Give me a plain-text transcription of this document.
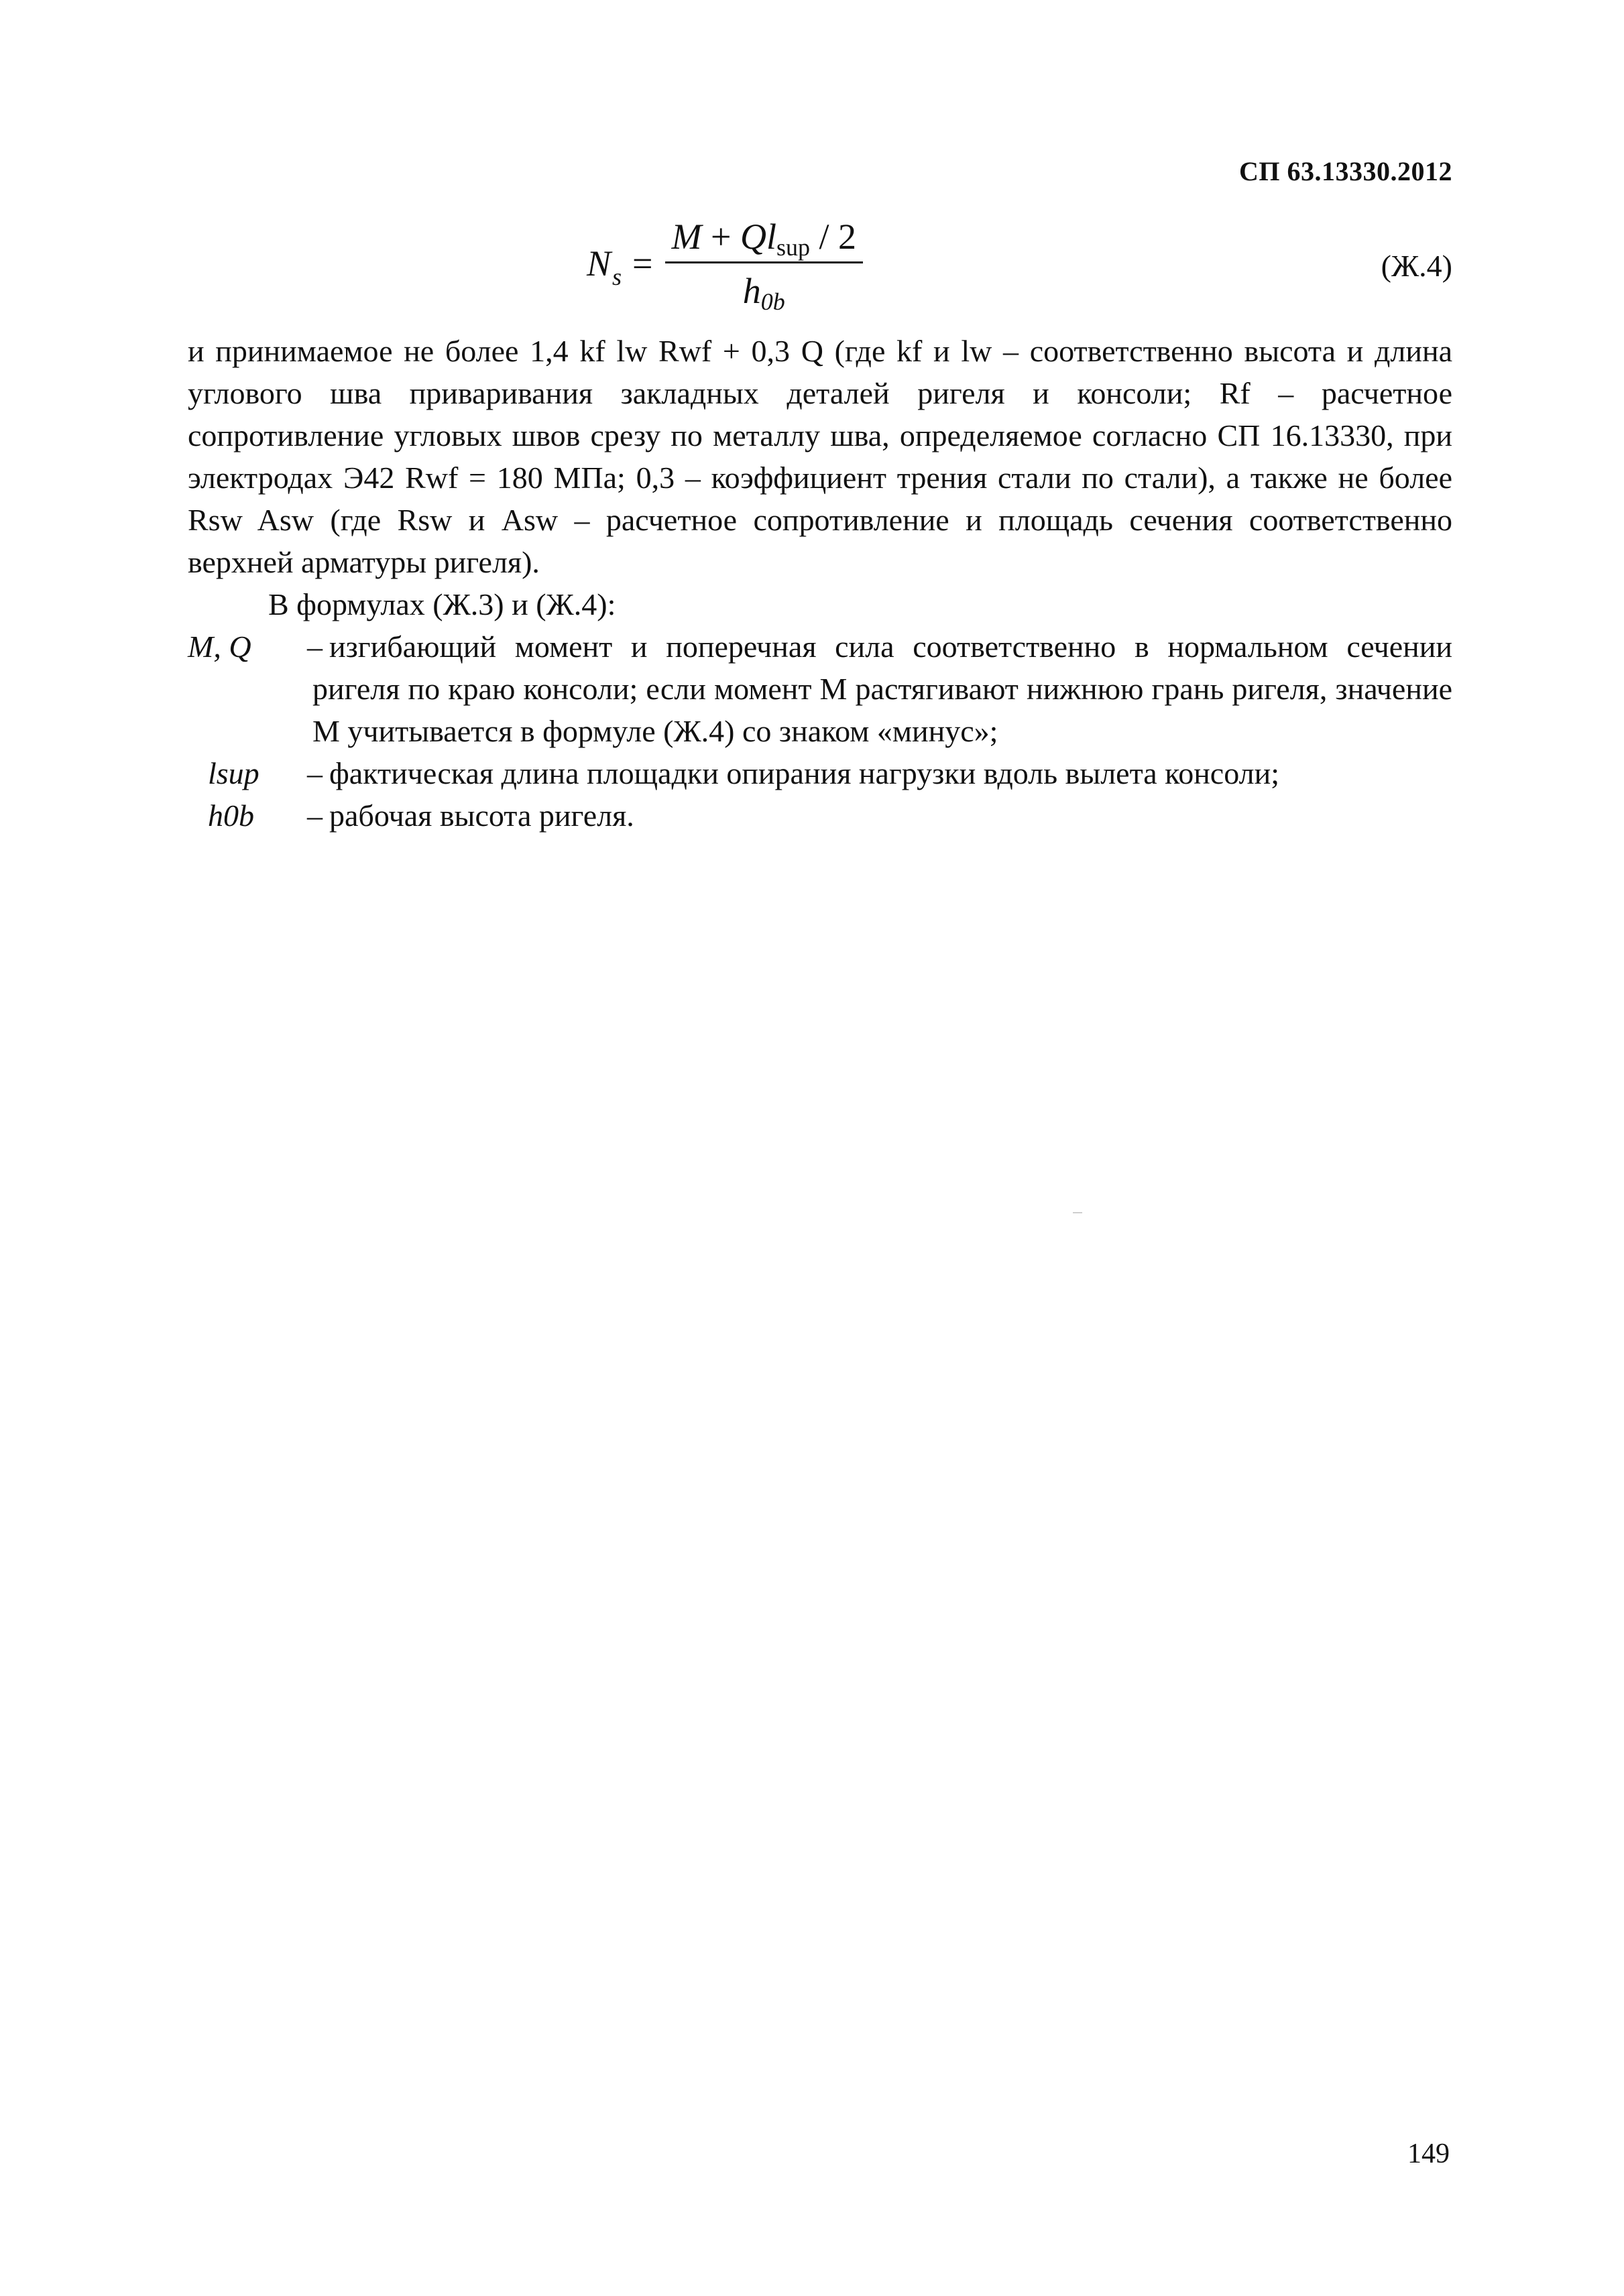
СП 63.13330.2012
$N_s = \frac{\text{M + Qlsup / 2}}{h0b}$	(Ж.4)

и принимаемое не более 1,4 kf lw Rwf + 0,3 Q (где kf и lw – соответственно высота и длина углового шва приваривания закладных деталей ригеля и консоли; Rf – расчетное сопротивление угловых швов срезу по металлу шва, определяемое согласно СП 16.13330, при электродах Э42 Rwf = 180 МПа; 0,3 – коэффициент трения стали по стали), а также не более Rsw Asw (где Rsw и Asw – расчетное сопротивление и площадь сечения соответственно верхней арматуры ригеля).

В формулах (Ж.3) и (Ж.4):

M, Q	– изгибающий момент и поперечная сила соответственно в нормальном сечении ригеля по краю консоли; если момент M растягивают нижнюю грань ригеля, значение M учитывается в формуле (Ж.4) со знаком «минус»;
lsup	– фактическая длина площадки опирания нагрузки вдоль вылета консоли;
h0b	– рабочая высота ригеля.
149
